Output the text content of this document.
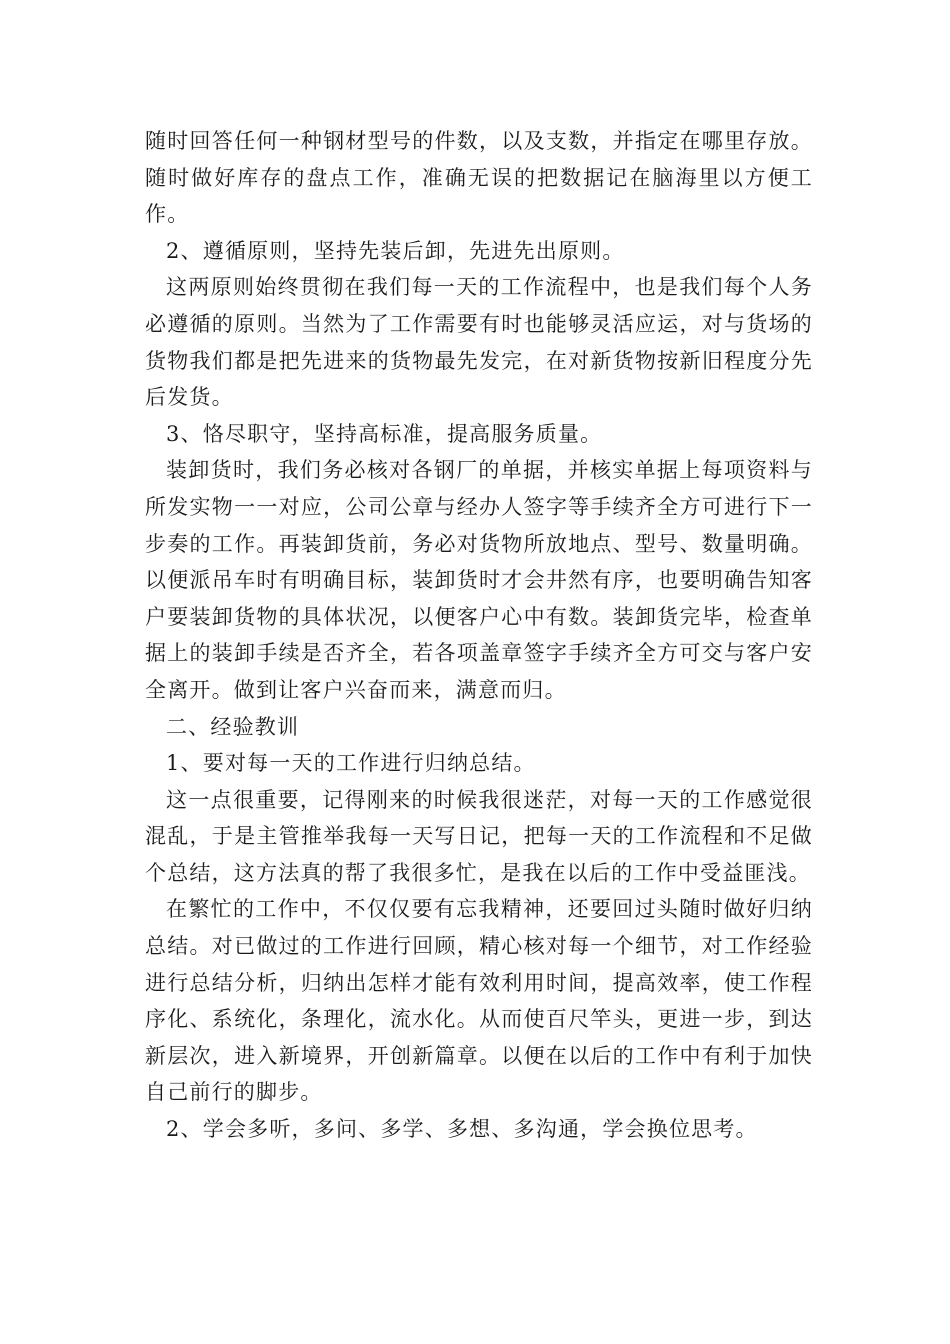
随时回答任何一种钢材型号的件数，以及支数，并指定在哪里存放。随时做好库存的盘点工作，准确无误的把数据记在脑海里以方便工作。

2、遵循原则，坚持先装后卸，先进先出原则。

这两原则始终贯彻在我们每一天的工作流程中，也是我们每个人务必遵循的原则。当然为了工作需要有时也能够灵活应运，对与货场的货物我们都是把先进来的货物最先发完，在对新货物按新旧程度分先后发货。

3、恪尽职守，坚持高标准，提高服务质量。

装卸货时，我们务必核对各钢厂的单据，并核实单据上每项资料与所发实物一一对应，公司公章与经办人签字等手续齐全方可进行下一步奏的工作。再装卸货前，务必对货物所放地点、型号、数量明确。以便派吊车时有明确目标，装卸货时才会井然有序，也要明确告知客户要装卸货物的具体状况，以便客户心中有数。装卸货完毕，检查单据上的装卸手续是否齐全，若各项盖章签字手续齐全方可交与客户安全离开。做到让客户兴奋而来，满意而归。

二、经验教训

1、要对每一天的工作进行归纳总结。

这一点很重要，记得刚来的时候我很迷茫，对每一天的工作感觉很混乱，于是主管推举我每一天写日记，把每一天的工作流程和不足做个总结，这方法真的帮了我很多忙，是我在以后的工作中受益匪浅。

在繁忙的工作中，不仅仅要有忘我精神，还要回过头随时做好归纳总结。对已做过的工作进行回顾，精心核对每一个细节，对工作经验进行总结分析，归纳出怎样才能有效利用时间，提高效率，使工作程序化、系统化，条理化，流水化。从而使百尺竿头，更进一步，到达新层次，进入新境界，开创新篇章。以便在以后的工作中有利于加快自己前行的脚步。

2、学会多听，多问、多学、多想、多沟通，学会换位思考。
